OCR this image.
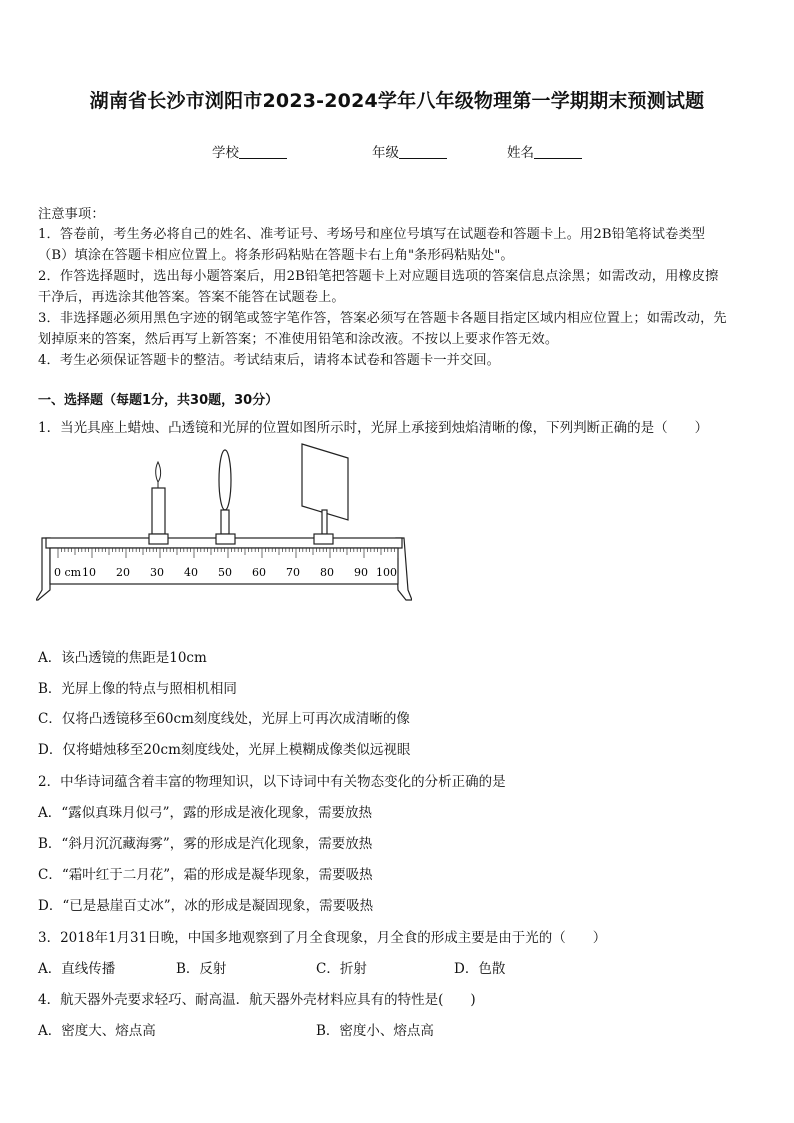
湖南省长沙市浏阳市2023-2024学年八年级物理第一学期期末预测试题
学校	年级	姓名
注意事项：
1．答卷前，考生务必将自己的姓名、准考证号、考场号和座位号填写在试题卷和答题卡上。用2B铅笔将试卷类型
（B）填涂在答题卡相应位置上。将条形码粘贴在答题卡右上角"条形码粘贴处"。
2．作答选择题时，选出每小题答案后，用2B铅笔把答题卡上对应题目选项的答案信息点涂黑；如需改动，用橡皮擦
干净后，再选涂其他答案。答案不能答在试题卷上。
3．非选择题必须用黑色字迹的钢笔或签字笔作答，答案必须写在答题卡各题目指定区域内相应位置上；如需改动，先
划掉原来的答案，然后再写上新答案；不准使用铅笔和涂改液。不按以上要求作答无效。
4．考生必须保证答题卡的整洁。考试结束后，请将本试卷和答题卡一并交回。
一、选择题（每题1分，共30题，30分）
1．当光具座上蜡烛、凸透镜和光屏的位置如图所示时，光屏上承接到烛焰清晰的像，下列判断正确的是（　　）
0 cm 10 20 30 40 50 60 70 80 90 100
A．该凸透镜的焦距是10cm
B．光屏上像的特点与照相机相同
C．仅将凸透镜移至60cm刻度线处，光屏上可再次成清晰的像
D．仅将蜡烛移至20cm刻度线处，光屏上模糊成像类似远视眼
2．中华诗词蕴含着丰富的物理知识，以下诗词中有关物态变化的分析正确的是
A．“露似真珠月似弓”，露的形成是液化现象，需要放热
B．“斜月沉沉藏海雾”，雾的形成是汽化现象，需要放热
C．“霜叶红于二月花”，霜的形成是凝华现象，需要吸热
D．“已是悬崖百丈冰”，冰的形成是凝固现象，需要吸热
3．2018年1月31日晚，中国多地观察到了月全食现象，月全食的形成主要是由于光的（　　）
A．直线传播	B．反射	C．折射	D．色散
4．航天器外壳要求轻巧、耐高温．航天器外壳材料应具有的特性是(　　)
A．密度大、熔点高	B．密度小、熔点高
